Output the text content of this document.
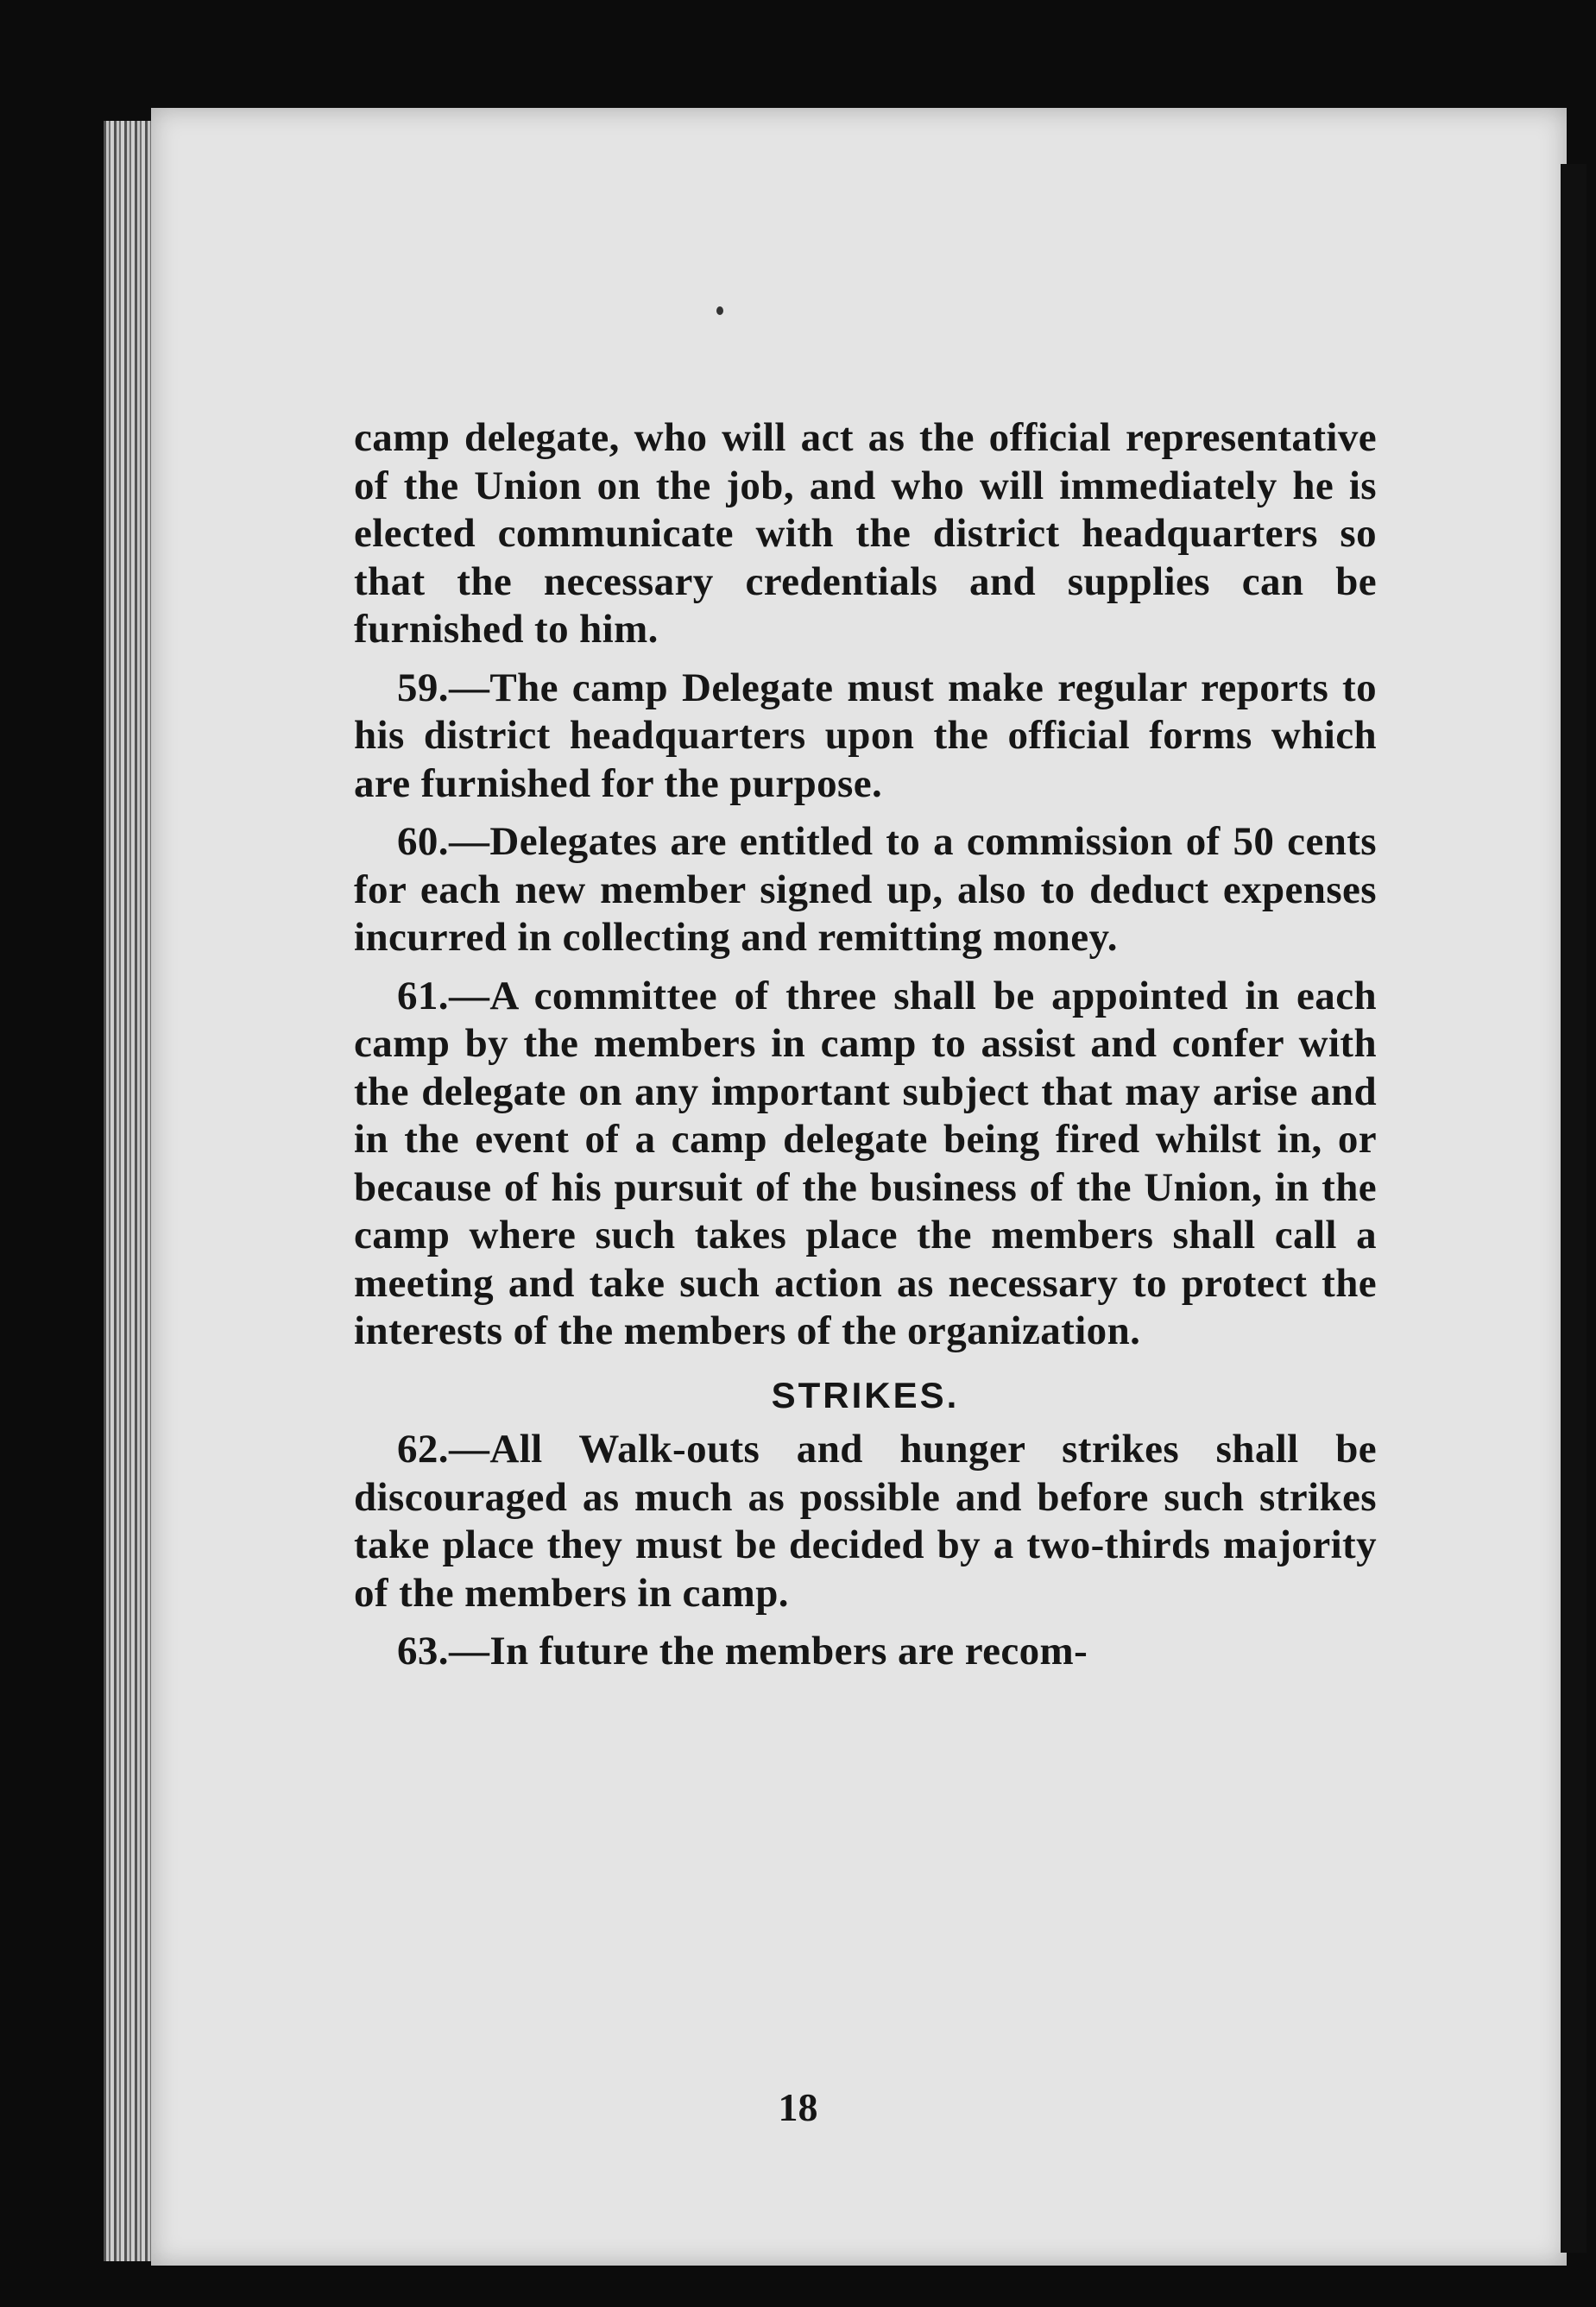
camp delegate, who will act as the official representative of the Union on the job, and who will immediately he is elected communicate with the district headquarters so that the necessary credentials and supplies can be furnished to him.

59.—The camp Delegate must make regular reports to his district headquarters upon the official forms which are furnished for the purpose.

60.—Delegates are entitled to a commission of 50 cents for each new member signed up, also to deduct expenses incurred in collecting and remitting money.

61.—A committee of three shall be appointed in each camp by the members in camp to assist and confer with the delegate on any important subject that may arise and in the event of a camp delegate being fired whilst in, or because of his pursuit of the business of the Union, in the camp where such takes place the members shall call a meeting and take such action as necessary to protect the interests of the members of the organization.

STRIKES.

62.—All Walk-outs and hunger strikes shall be discouraged as much as possible and before such strikes take place they must be decided by a two-thirds majority of the members in camp.

63.—In future the members are recom-

18
